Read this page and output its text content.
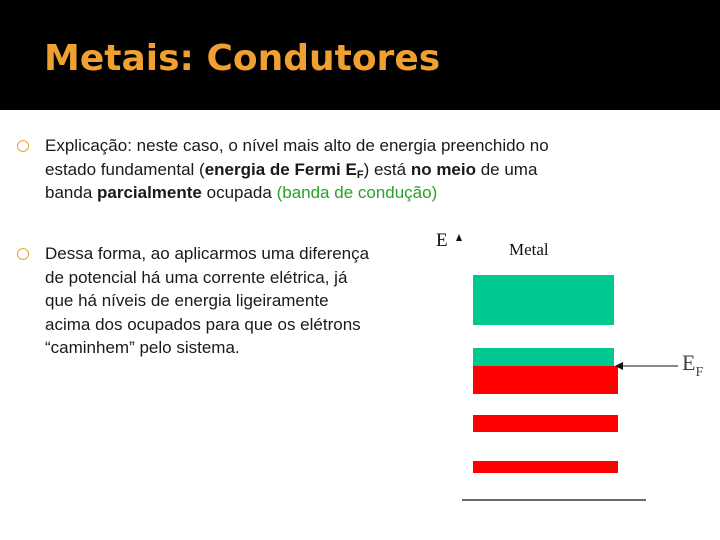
Metais: Condutores
Explicação: neste caso, o nível mais alto de energia preenchido no
estado fundamental (energia de Fermi $E_F$) está no meio de uma
banda parcialmente ocupada (banda de condução)
Dessa forma, ao aplicarmos uma diferença
de potencial há uma corrente elétrica, já
que há níveis de energia ligeiramente
acima dos ocupados para que os elétrons
“caminhem” pelo sistema.
E	Metal
$E_F$
